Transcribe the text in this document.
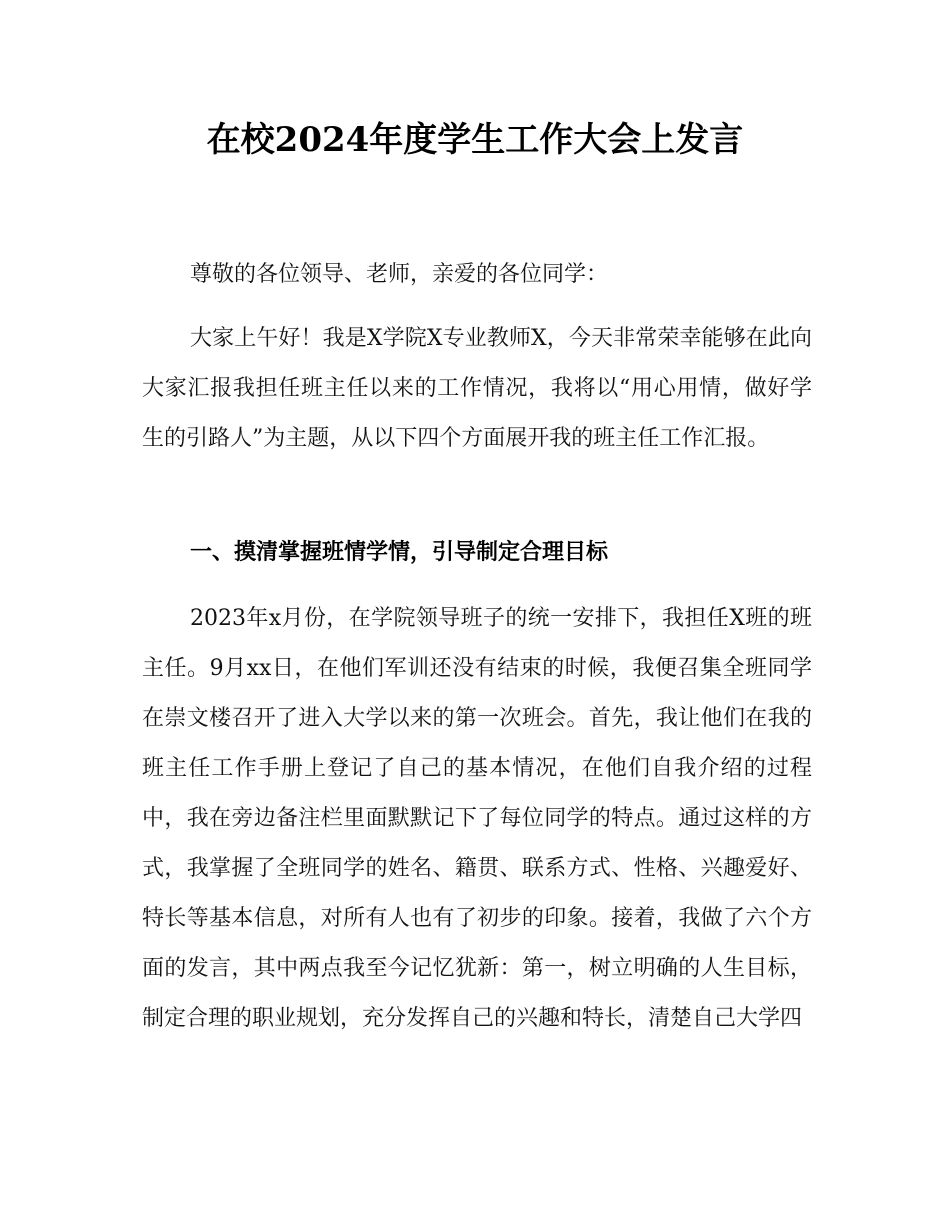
在校2024年度学生工作大会上发言

尊敬的各位领导、老师，亲爱的各位同学：

大家上午好！我是X学院X专业教师X，今天非常荣幸能够在此向大家汇报我担任班主任以来的工作情况，我将以“用心用情，做好学生的引路人”为主题，从以下四个方面展开我的班主任工作汇报。

一、摸清掌握班情学情，引导制定合理目标

2023年x月份，在学院领导班子的统一安排下，我担任X班的班主任。9月xx日，在他们军训还没有结束的时候，我便召集全班同学在崇文楼召开了进入大学以来的第一次班会。首先，我让他们在我的班主任工作手册上登记了自己的基本情况，在他们自我介绍的过程中，我在旁边备注栏里面默默记下了每位同学的特点。通过这样的方式，我掌握了全班同学的姓名、籍贯、联系方式、性格、兴趣爱好、特长等基本信息，对所有人也有了初步的印象。接着，我做了六个方面的发言，其中两点我至今记忆犹新：第一，树立明确的人生目标，制定合理的职业规划，充分发挥自己的兴趣和特长，清楚自己大学四
